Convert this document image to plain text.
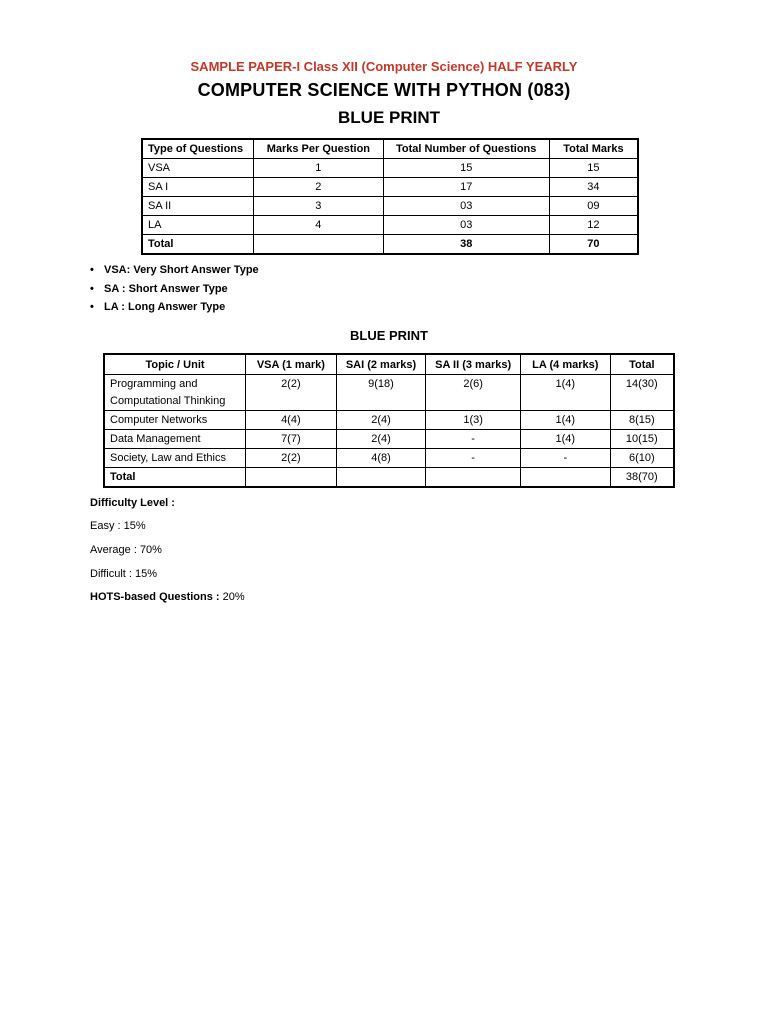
SAMPLE PAPER-I Class XII (Computer Science) HALF YEARLY
COMPUTER SCIENCE WITH PYTHON (083)
BLUE PRINT
Type of Questions	Marks Per Question	Total Number of Questions	Total Marks
VSA	1	15	15
SA I	2	17	34
SA II	3	03	09
LA	4	03	12
Total		38	70
• VSA: Very Short Answer Type
• SA : Short Answer Type
• LA : Long Answer Type
BLUE PRINT
Topic / Unit	VSA (1 mark)	SAI (2 marks)	SA II (3 marks)	LA (4 marks)	Total
Programming and Computational Thinking	2(2)	9(18)	2(6)	1(4)	14(30)
Computer Networks	4(4)	2(4)	1(3)	1(4)	8(15)
Data Management	7(7)	2(4)	-	1(4)	10(15)
Society, Law and Ethics	2(2)	4(8)	-	-	6(10)
Total					38(70)
Difficulty Level :
Easy : 15%
Average : 70%
Difficult : 15%
HOTS-based Questions : 20%
